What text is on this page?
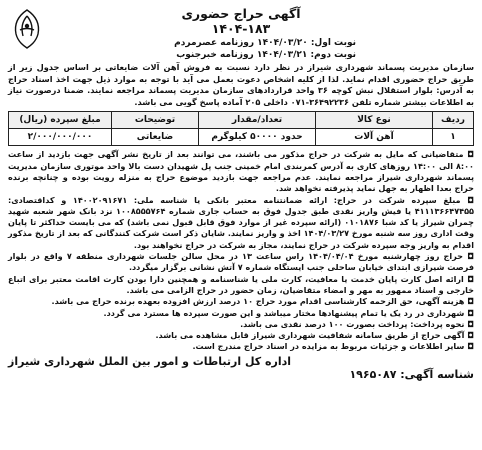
آگهی حراج حضوری
۱۴۰۴-۱۸۳
نوبت اول: ۱۴۰۴/۰۳/۲۰ روزنامه عصرمردم
نوبت دوم: ۱۴۰۴/۰۳/۲۱ روزنامه خبرجنوب
سازمان مدیریت پسماند شهرداری شیراز در نظر دارد نسبت به فروش آهن آلات ضایعاتی بر اساس جدول زیر از طریق حراج حضوری اقدام نماید. لذا از کلیه اشخاص دعوت بعمل می آید با توجه به موارد ذیل جهت اخذ اسناد حراج به آدرس: بلوار استقلال نبش کوچه ۳۶ واحد قراردادهای سازمان مدیریت پسماند مراجعه نمایند. ضمنا درصورت نیاز به اطلاعات بیشتر شماره تلفن ۳۶۴۹۲۲۳۶-۰۷۱ داخلی ۲۰۵ آماده پاسخ گویی می باشد.
ردیف	نوع کالا	تعداد/مقدار	توضیحات	مبلغ سپرده (ریال)
۱	آهن آلات	حدود ۵۰۰۰۰ کیلوگرم	ضایعاتی	۲/۰۰۰/۰۰۰/۰۰۰

◘ متقاضیانی که مایل به شرکت در حراج مذکور می باشند، می توانند بعد از تاریخ نشر آگهی جهت بازدید از ساعت ۸:۰۰ الی ۱۴:۰۰ روزهای کاری به آدرس کمربندی امام خمینی جنب پل شهیدان دست بالا واحد موتوری سازمان مدیریت پسماند شهرداری شیراز مراجعه نمایند. عدم مراجعه جهت بازدید موضوع حراج به منزله رویت بوده و چنانچه برنده حراج بعدا اظهار به جهل نماید پذیرفته نخواهد شد.

◘ مبلغ سپرده شرکت در حراج: ارائه ضمانتنامه معتبر بانکی یا شناسه ملی: ۱۴۰۰۲۰۹۱۶۷۱ و کداقتصادی: ۴۱۱۱۳۶۶۴۷۴۵۵ یا فیش واریز نقدی طبق جدول فوق به حساب جاری شماره ۱۰۰۸۵۵۵۷۶۴ نزد بانک شهر شعبه شهید چمران شیراز یا کد شبا ۰۱۰۱۸۷۶ (ارائه سپرده غیر از موارد فوق قابل قبول نمی باشد) که می بایست حداکثر تا پایان وقت اداری روز سه شنبه مورخ ۱۴۰۴/۰۳/۲۷ اخذ و واریز نمایند. شایان ذکر است شرکت کنندگانی که بعد از تاریخ مذکور اقدام به واریز وجه سپرده شرکت در حراج نمایند، مجاز به شرکت در حراج نخواهند بود.

◘ حراج روز چهارشنبه مورخ ۱۴۰۴/۰۴/۰۴ راس ساعت ۱۳ در محل سالن جلسات شهرداری منطقه ۷ واقع در بلوار فرصت شیرازی ابتدای خیابان ساحلی جنب ایستگاه شماره ۷ آتش نشانی برگزار میگردد.

◘ ارائه اصل کارت پایان خدمت یا معافیت، کارت ملی یا شناسنامه و همچنین دارا بودن کارت اقامت معتبر برای اتباع خارجی و اسناد ممهور به مهر و امضاء متقاضیان، زمان حضور در حراج الزامی می باشد.

◘ هزینه آگهی، حق الزحمه کارشناسی اقدام مورد حراج ۱۰ درصد ارزش افزوده بعهده برنده حراج می باشد.

◘ شهرداری در رد یک یا تمام پیشنهادها مختار میباشد و این صورت سپرده ها مسترد می گردد.

◘ نحوه پرداخت: پرداخت بصورت ۱۰۰ درصد نقدی می باشد.

◘ آگهی حراج از طریق سامانه شفافیت شهرداری شیراز قابل مشاهده می باشد.

◘ سایر اطلاعات و جزئیات مربوط به مزایده در اسناد حراج مندرج است.

اداره کل ارتباطات و امور بین الملل شهرداری شیراز
شناسه آگهی: ۱۹۶۵۰۸۷
